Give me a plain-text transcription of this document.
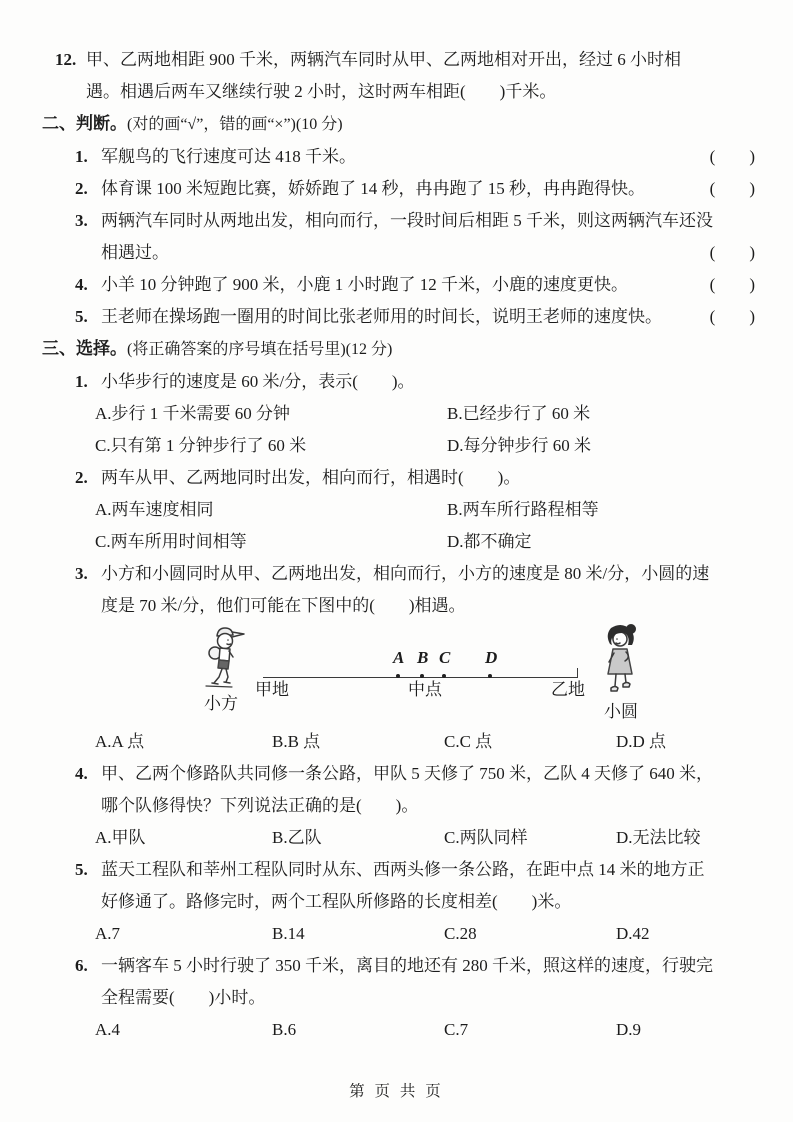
12. 甲、乙两地相距 900 千米，两辆汽车同时从甲、乙两地相对开出，经过 6 小时相
遇。相遇后两车又继续行驶 2 小时，这时两车相距(　　)千米。
二、判断。(对的画“√”，错的画“×”)(10 分)
1. 军舰鸟的飞行速度可达 418 千米。	(　　)
2. 体育课 100 米短跑比赛，娇娇跑了 14 秒，冉冉跑了 15 秒，冉冉跑得快。	(　　)
3. 两辆汽车同时从两地出发，相向而行，一段时间后相距 5 千米，则这两辆汽车还没
相遇过。	(　　)
4. 小羊 10 分钟跑了 900 米，小鹿 1 小时跑了 12 千米，小鹿的速度更快。	(　　)
5. 王老师在操场跑一圈用的时间比张老师用的时间长，说明王老师的速度快。	(　　)
三、选择。(将正确答案的序号填在括号里)(12 分)
1. 小华步行的速度是 60 米/分，表示(　　)。
A.步行 1 千米需要 60 分钟	B.已经步行了 60 米
C.只有第 1 分钟步行了 60 米	D.每分钟步行 60 米
2. 两车从甲、乙两地同时出发，相向而行，相遇时(　　)。
A.两车速度相同	B.两车所行路程相等
C.两车所用时间相等	D.都不确定
3. 小方和小圆同时从甲、乙两地出发，相向而行，小方的速度是 80 米/分，小圆的速
度是 70 米/分，他们可能在下图中的(　　)相遇。
小方
甲地
A B C D
中点	乙地
小圆
A.A 点	B.B 点	C.C 点	D.D 点
4. 甲、乙两个修路队共同修一条公路，甲队 5 天修了 750 米，乙队 4 天修了 640 米，
哪个队修得快？下列说法正确的是(　　)。
A.甲队	B.乙队	C.两队同样	D.无法比较
5. 蓝天工程队和莘州工程队同时从东、西两头修一条公路，在距中点 14 米的地方正
好修通了。路修完时，两个工程队所修路的长度相差(　　)米。
A.7	B.14	C.28	D.42
6. 一辆客车 5 小时行驶了 350 千米，离目的地还有 280 千米，照这样的速度，行驶完
全程需要(　　)小时。
A.4	B.6	C.7	D.9
第 页 共 页
